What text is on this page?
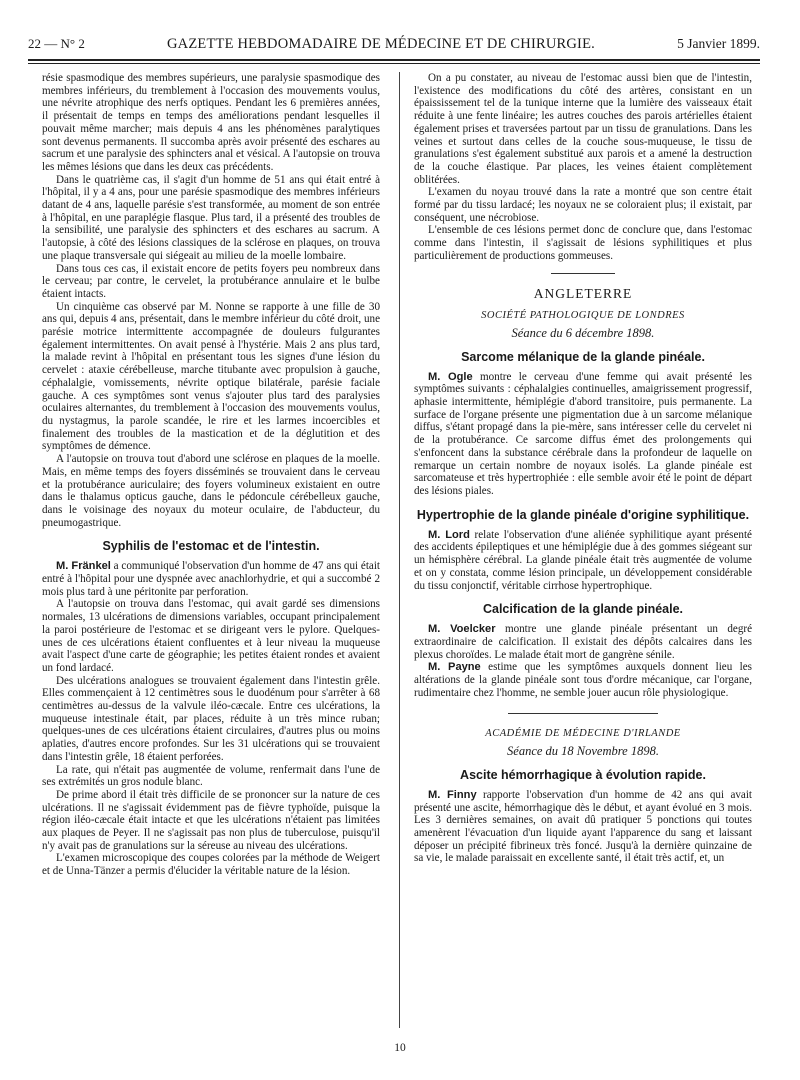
22 — N° 2	GAZETTE HEBDOMADAIRE DE MÉDECINE ET DE CHIRURGIE.	5 Janvier 1899.

résie spasmodique des membres supérieurs, une paralysie spasmodique des membres inférieurs, du tremblement à l'occasion des mouvements voulus, une névrite atrophique des nerfs optiques. Pendant les 6 premières années, il présentait de temps en temps des améliorations pendant lesquelles il pouvait même marcher; mais depuis 4 ans les phénomènes paralytiques sont devenus permanents. Il succomba après avoir présenté des eschares au sacrum et une paralysie des sphincters anal et vésical. A l'autopsie on trouva les mêmes lésions que dans les deux cas précédents.

Dans le quatrième cas, il s'agit d'un homme de 51 ans qui était entré à l'hôpital, il y a 4 ans, pour une parésie spasmodique des membres inférieurs datant de 4 ans, laquelle parésie s'est transformée, au moment de son entrée à l'hôpital, en une paraplégie flasque. Plus tard, il a présenté des troubles de la sensibilité, une paralysie des sphincters et des eschares au sacrum. A l'autopsie, à côté des lésions classiques de la sclérose en plaques, on trouva une plaque transversale qui siégeait au milieu de la moelle lombaire.

Dans tous ces cas, il existait encore de petits foyers peu nombreux dans le cerveau; par contre, le cervelet, la protubérance annulaire et le bulbe étaient intacts.

Un cinquième cas observé par M. Nonne se rapporte à une fille de 30 ans qui, depuis 4 ans, présentait, dans le membre inférieur du côté droit, une parésie motrice intermittente accompagnée de douleurs fulgurantes également intermittentes. On avait pensé à l'hystérie. Mais 2 ans plus tard, la malade revint à l'hôpital en présentant tous les signes d'une lésion du cervelet : ataxie cérébelleuse, marche titubante avec propulsion à gauche, céphalalgie, vomissements, névrite optique bilatérale, parésie faciale gauche. A ces symptômes sont venus s'ajouter plus tard des paralysies oculaires alternantes, du tremblement à l'occasion des mouvements voulus, du nystagmus, la parole scandée, le rire et les larmes incoercibles et finalement des troubles de la mastication et de la déglutition et des symptômes de démence.

A l'autopsie on trouva tout d'abord une sclérose en plaques de la moelle. Mais, en même temps des foyers disséminés se trouvaient dans le cerveau et la protubérance auriculaire; des foyers volumineux existaient en outre dans le thalamus opticus gauche, dans le pédoncule cérébelleux gauche, dans le voisinage des noyaux du moteur oculaire, de l'abducteur, du pneumogastrique.

Syphilis de l'estomac et de l'intestin.

M. Fränkel a communiqué l'observation d'un homme de 47 ans qui était entré à l'hôpital pour une dyspnée avec anachlorhydrie, et qui a succombé 2 mois plus tard à une péritonite par perforation.

A l'autopsie on trouva dans l'estomac, qui avait gardé ses dimensions normales, 13 ulcérations de dimensions variables, occupant principalement la paroi postérieure de l'estomac et se dirigeant vers le pylore. Quelques-unes de ces ulcérations étaient confluentes et à leur niveau la muqueuse avait l'aspect d'une carte de géographie; les petites étaient rondes et avaient un fond lardacé.

Des ulcérations analogues se trouvaient également dans l'intestin grêle. Elles commençaient à 12 centimètres sous le duodénum pour s'arrêter à 68 centimètres au-dessus de la valvule iléo-cæcale. Entre ces ulcérations, la muqueuse intestinale était, par places, réduite à un très mince ruban; quelques-unes de ces ulcérations étaient circulaires, d'autres plus ou moins aplaties, d'autres encore profondes. Sur les 31 ulcérations qui se trouvaient dans l'intestin grêle, 18 étaient perforées.

La rate, qui n'était pas augmentée de volume, renfermait dans l'une de ses extrémités un gros nodule blanc.

De prime abord il était très difficile de se prononcer sur la nature de ces ulcérations. Il ne s'agissait évidemment pas de fièvre typhoïde, puisque la région iléo-cæcale était intacte et que les ulcérations n'étaient pas limitées aux plaques de Peyer. Il ne s'agissait pas non plus de tuberculose, puisqu'il n'y avait pas de granulations sur la séreuse au niveau des ulcérations.

L'examen microscopique des coupes colorées par la méthode de Weigert et de Unna-Tänzer a permis d'élucider la véritable nature de la lésion.

On a pu constater, au niveau de l'estomac aussi bien que de l'intestin, l'existence des modifications du côté des artères, consistant en un épaississement tel de la tunique interne que la lumière des vaisseaux était réduite à une fente linéaire; les autres couches des parois artérielles étaient également prises et traversées partout par un tissu de granulations. Dans les veines et surtout dans celles de la couche sous-muqueuse, le tissu de granulations s'est également substitué aux parois et a amené la destruction de la couche élastique. Par places, les veines étaient complètement oblitérées.

L'examen du noyau trouvé dans la rate a montré que son centre était formé par du tissu lardacé; les noyaux ne se coloraient plus; il existait, par conséquent, une nécrobiose.

L'ensemble de ces lésions permet donc de conclure que, dans l'estomac comme dans l'intestin, il s'agissait de lésions syphilitiques et plus particulièrement de productions gommeuses.

ANGLETERRE
SOCIÉTÉ PATHOLOGIQUE DE LONDRES
Séance du 6 décembre 1898.
Sarcome mélanique de la glande pinéale.

M. Ogle montre le cerveau d'une femme qui avait présenté les symptômes suivants : céphalalgies continuelles, amaigrissement progressif, aphasie intermittente, hémiplégie d'abord transitoire, puis permanente. La surface de l'organe présente une pigmentation due à un sarcome mélanique diffus, s'étant propagé dans la pie-mère, sans intéresser celle du cervelet ni de la protubérance. Ce sarcome diffus émet des prolongements qui s'enfoncent dans la substance cérébrale dans la profondeur de laquelle on remarque un certain nombre de noyaux isolés. La glande pinéale est sarcomateuse et très hypertrophiée : elle semble avoir été le point de départ des lésions piales.

Hypertrophie de la glande pinéale d'origine syphilitique.

M. Lord relate l'observation d'une aliénée syphilitique ayant présenté des accidents épileptiques et une hémiplégie due à des gommes siégeant sur un hémisphère cérébral. La glande pinéale était très augmentée de volume et on y constata, comme lésion principale, un développement considérable du tissu conjonctif, véritable cirrhose hypertrophique.

Calcification de la glande pinéale.

M. Voelcker montre une glande pinéale présentant un degré extraordinaire de calcification. Il existait des dépôts calcaires dans les plexus choroïdes. Le malade était mort de gangrène sénile.

M. Payne estime que les symptômes auxquels donnent lieu les altérations de la glande pinéale sont tous d'ordre mécanique, car l'organe, rudimentaire chez l'homme, ne semble jouer aucun rôle physiologique.

ACADÉMIE DE MÉDECINE D'IRLANDE
Séance du 18 Novembre 1898.
Ascite hémorrhagique à évolution rapide.

M. Finny rapporte l'observation d'un homme de 42 ans qui avait présenté une ascite, hémorrhagique dès le début, et ayant évolué en 3 mois. Les 3 dernières semaines, on avait dû pratiquer 5 ponctions qui toutes amenèrent l'évacuation d'un liquide ayant l'apparence du sang et laissant déposer un précipité fibrineux très foncé. Jusqu'à la dernière quinzaine de sa vie, le malade paraissait en excellente santé, il était très actif, et, un

10
